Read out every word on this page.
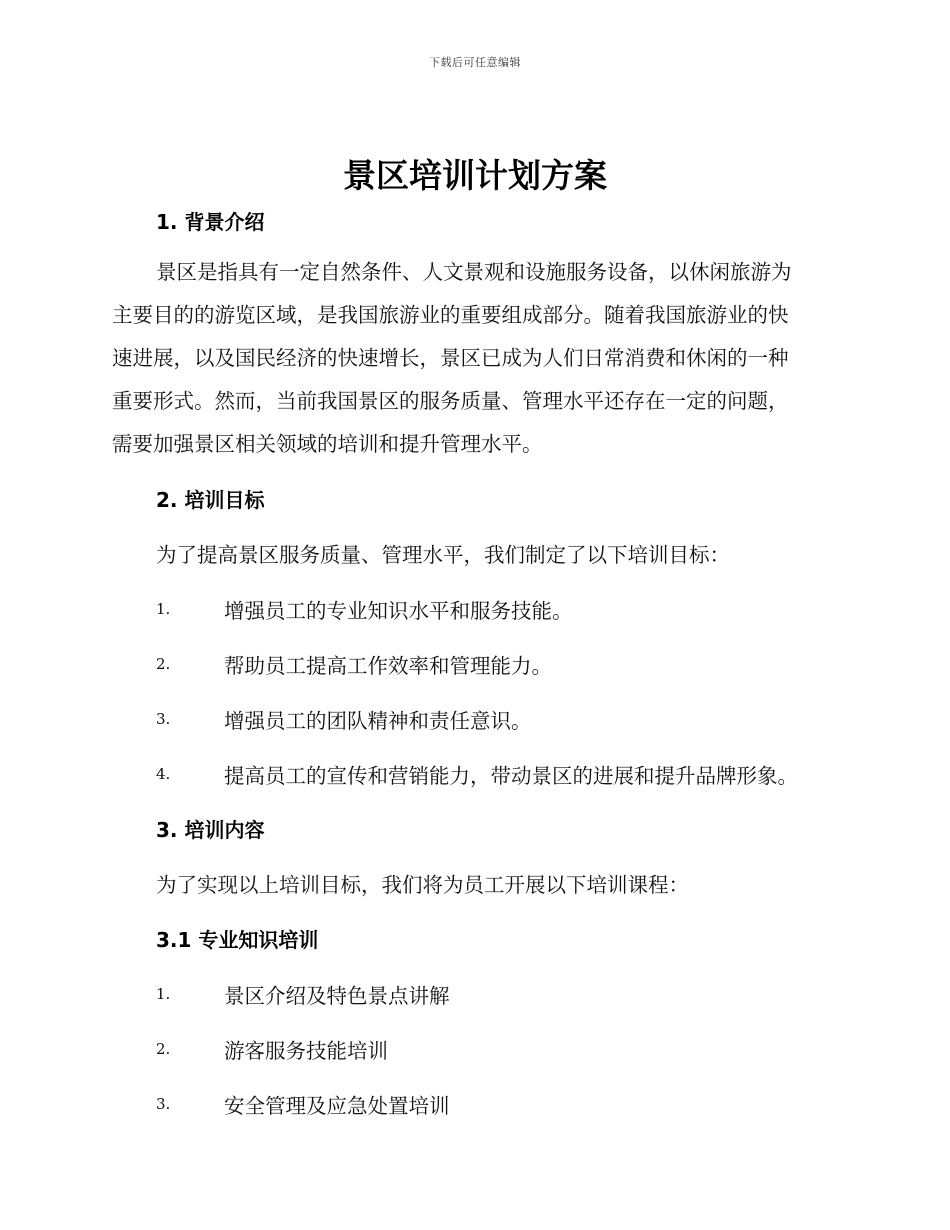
下载后可任意编辑
景区培训计划方案
1. 背景介绍
景区是指具有一定自然条件、人文景观和设施服务设备，以休闲旅游为
主要目的的游览区域，是我国旅游业的重要组成部分。随着我国旅游业的快
速进展，以及国民经济的快速增长，景区已成为人们日常消费和休闲的一种
重要形式。然而，当前我国景区的服务质量、管理水平还存在一定的问题，
需要加强景区相关领域的培训和提升管理水平。
2. 培训目标

为了提高景区服务质量、管理水平，我们制定了以下培训目标：

1.	增强员工的专业知识水平和服务技能。
2.	帮助员工提高工作效率和管理能力。
3.	增强员工的团队精神和责任意识。
4.	提高员工的宣传和营销能力，带动景区的进展和提升品牌形象。
3. 培训内容

为了实现以上培训目标，我们将为员工开展以下培训课程：

3.1 专业知识培训
1.	景区介绍及特色景点讲解
2.	游客服务技能培训
3.	安全管理及应急处置培训
